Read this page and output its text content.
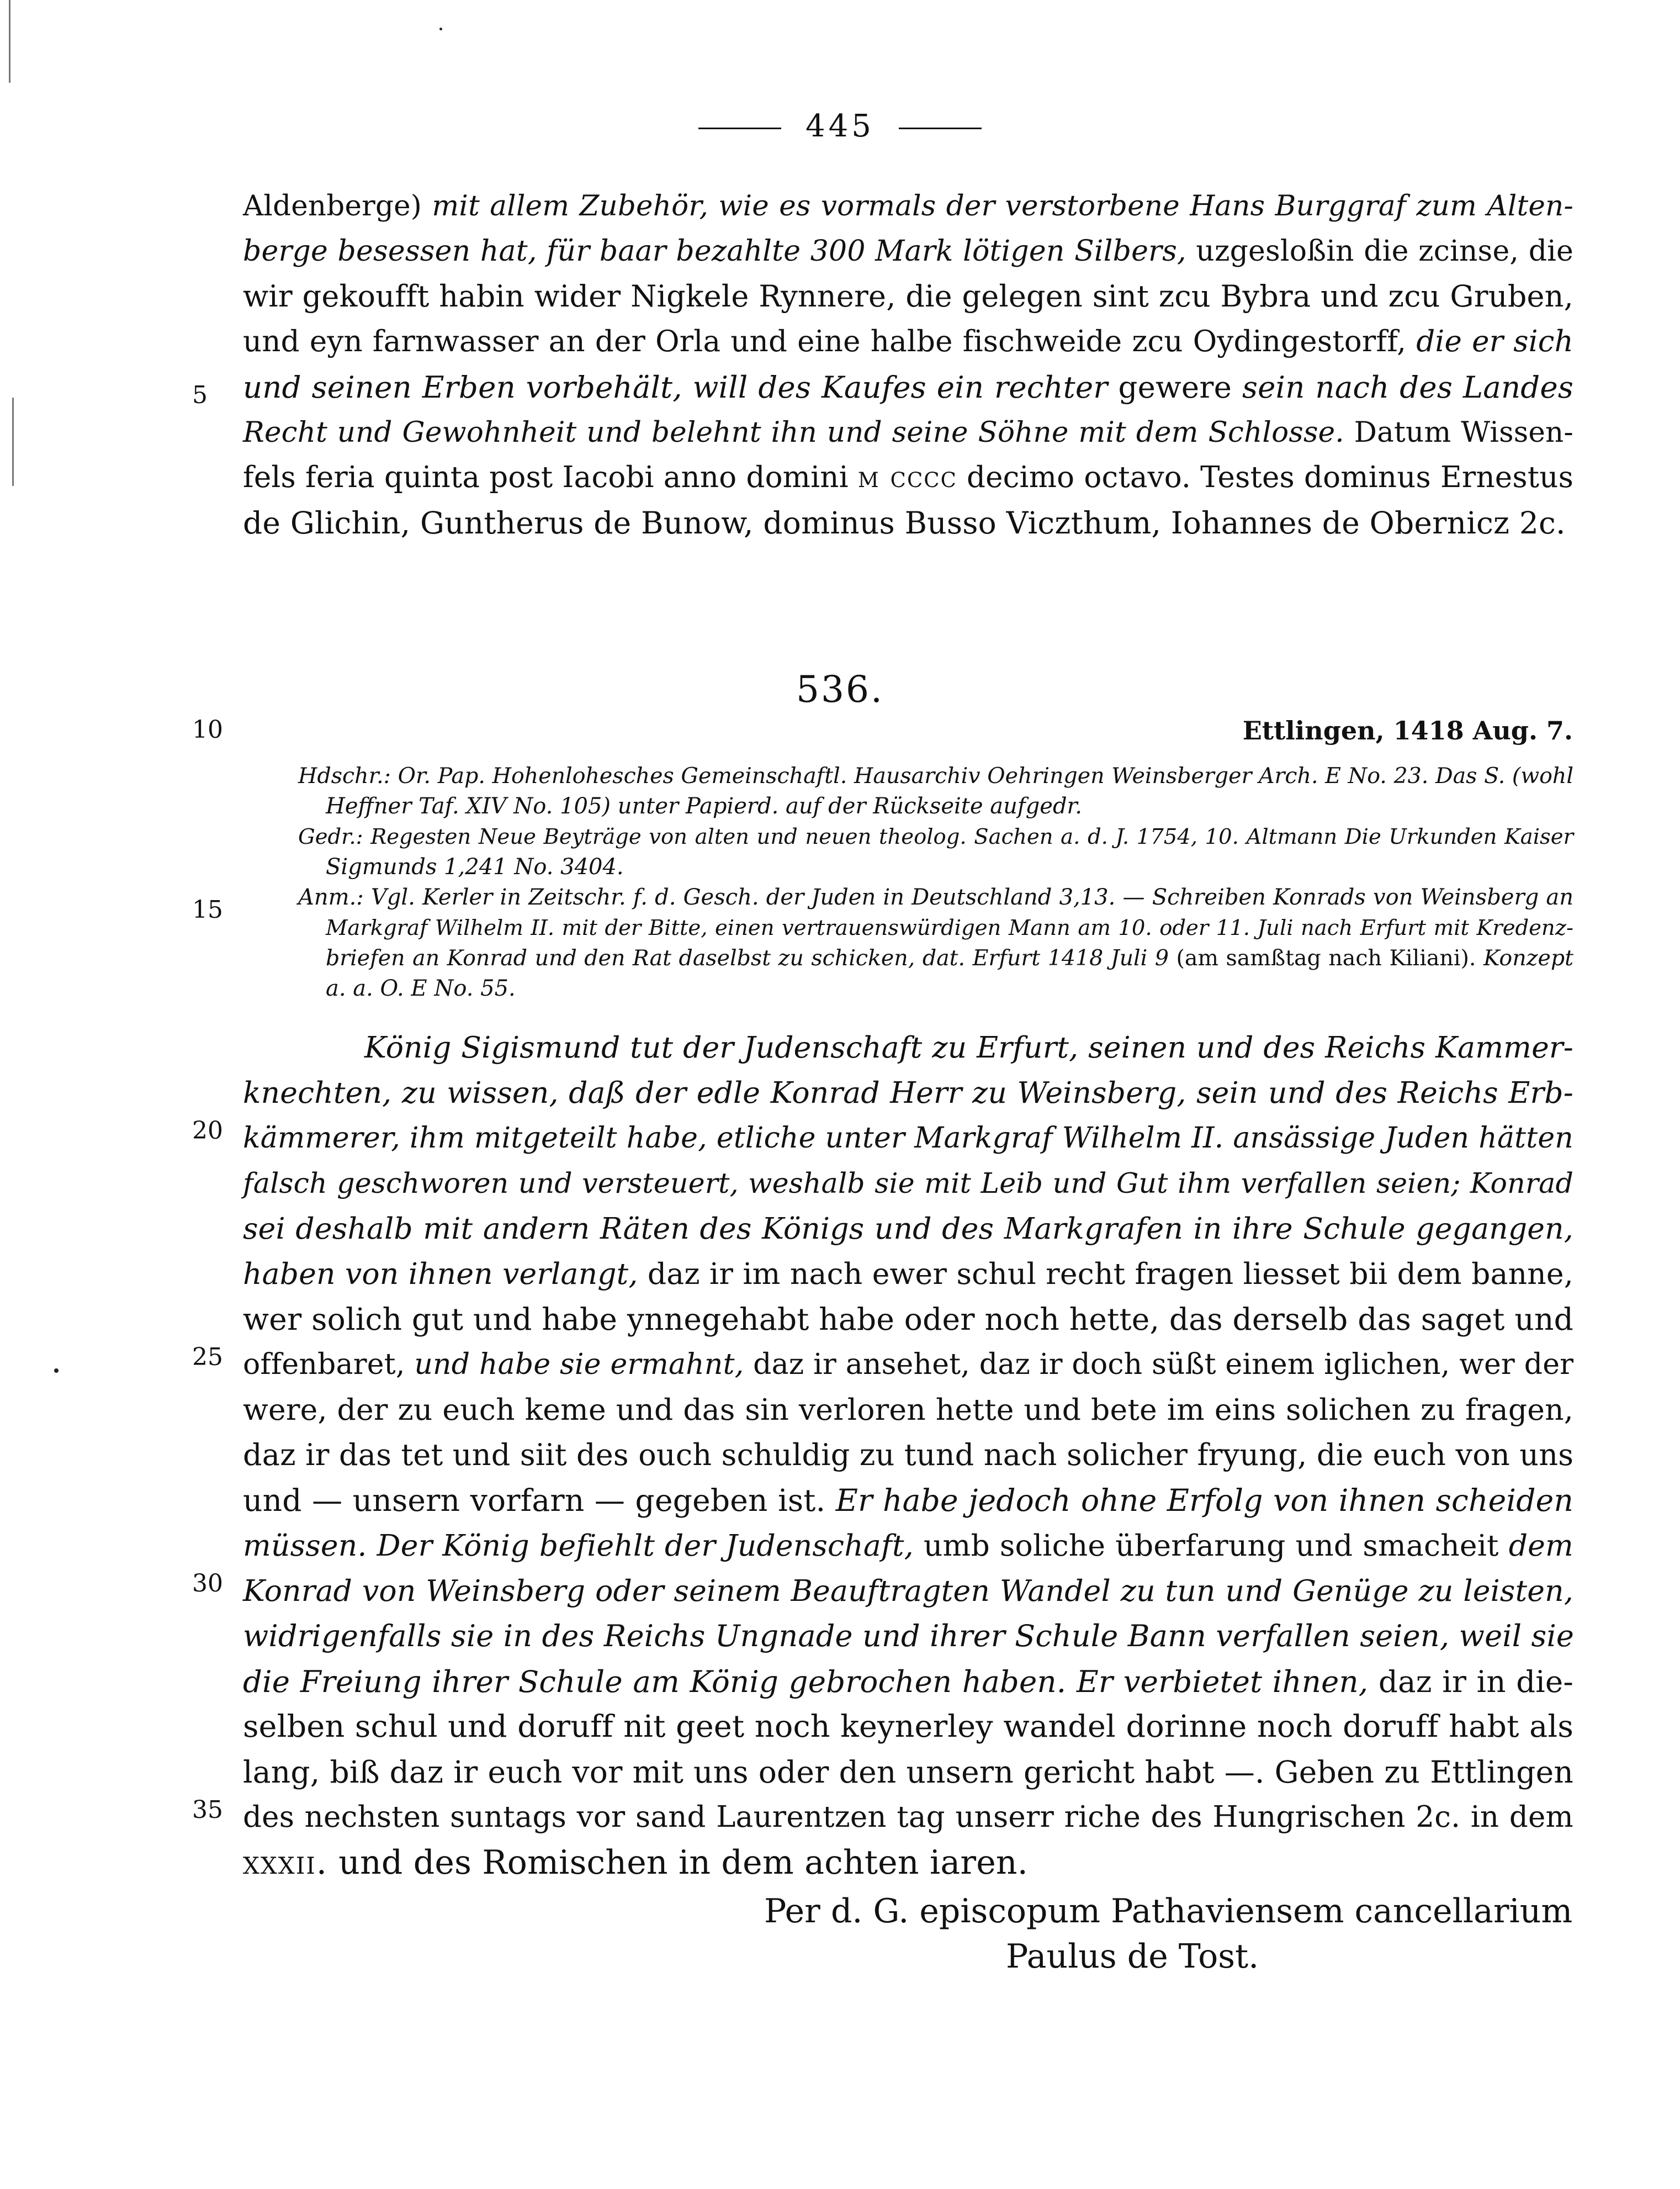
445
Aldenberge) mit allem Zubehör, wie es vormals der verstorbene Hans Burggraf zum Alten-
berge besessen hat, für baar bezahlte 300 Mark lötigen Silbers, uzgesloßin die zcinse, die
wir gekoufft habin wider Nigkele Rynnere, die gelegen sint zcu Bybra und zcu Gruben,
und eyn farnwasser an der Orla und eine halbe fischweide zcu Oydingestorff, die er sich
und seinen Erben vorbehält, will des Kaufes ein rechter gewere sein nach des Landes
Recht und Gewohnheit und belehnt ihn und seine Söhne mit dem Schlosse. Datum Wissen-
fels feria quinta post Iacobi anno domini m cccc decimo octavo. Testes dominus Ernestus
de Glichin, Guntherus de Bunow, dominus Busso Viczthum, Iohannes de Obernicz 2c.
5
10
15
20
25
30
35
536.
Ettlingen, 1418 Aug. 7.
Hdschr.: Or. Pap. Hohenlohesches Gemeinschaftl. Hausarchiv Oehringen Weinsberger Arch. E No. 23. Das S. (wohl
Heffner Taf. XIV No. 105) unter Papierd. auf der Rückseite aufgedr.
Gedr.: Regesten Neue Beyträge von alten und neuen theolog. Sachen a. d. J. 1754, 10. Altmann Die Urkunden Kaiser
Sigmunds 1,241 No. 3404.
Anm.: Vgl. Kerler in Zeitschr. f. d. Gesch. der Juden in Deutschland 3,13. — Schreiben Konrads von Weinsberg an
Markgraf Wilhelm II. mit der Bitte, einen vertrauenswürdigen Mann am 10. oder 11. Juli nach Erfurt mit Kredenz-
briefen an Konrad und den Rat daselbst zu schicken, dat. Erfurt 1418 Juli 9 (am samßtag nach Kiliani). Konzept
a. a. O. E No. 55.
König Sigismund tut der Judenschaft zu Erfurt, seinen und des Reichs Kammer-
knechten, zu wissen, daß der edle Konrad Herr zu Weinsberg, sein und des Reichs Erb-
kämmerer, ihm mitgeteilt habe, etliche unter Markgraf Wilhelm II. ansässige Juden hätten
falsch geschworen und versteuert, weshalb sie mit Leib und Gut ihm verfallen seien; Konrad
sei deshalb mit andern Räten des Königs und des Markgrafen in ihre Schule gegangen,
haben von ihnen verlangt, daz ir im nach ewer schul recht fragen liesset bii dem banne,
wer solich gut und habe ynnegehabt habe oder noch hette, das derselb das saget und
offenbaret, und habe sie ermahnt, daz ir ansehet, daz ir doch süßt einem iglichen, wer der
were, der zu euch keme und das sin verloren hette und bete im eins solichen zu fragen,
daz ir das tet und siit des ouch schuldig zu tund nach solicher fryung, die euch von uns
und — unsern vorfarn — gegeben ist. Er habe jedoch ohne Erfolg von ihnen scheiden
müssen. Der König befiehlt der Judenschaft, umb soliche überfarung und smacheit dem
Konrad von Weinsberg oder seinem Beauftragten Wandel zu tun und Genüge zu leisten,
widrigenfalls sie in des Reichs Ungnade und ihrer Schule Bann verfallen seien, weil sie
die Freiung ihrer Schule am König gebrochen haben. Er verbietet ihnen, daz ir in die-
selben schul und doruff nit geet noch keynerley wandel dorinne noch doruff habt als
lang, biß daz ir euch vor mit uns oder den unsern gericht habt —. Geben zu Ettlingen
des nechsten suntags vor sand Laurentzen tag unserr riche des Hungrischen 2c. in dem
xxxii. und des Romischen in dem achten iaren.
Per d. G. episcopum Pathaviensem cancellarium
Paulus de Tost.
